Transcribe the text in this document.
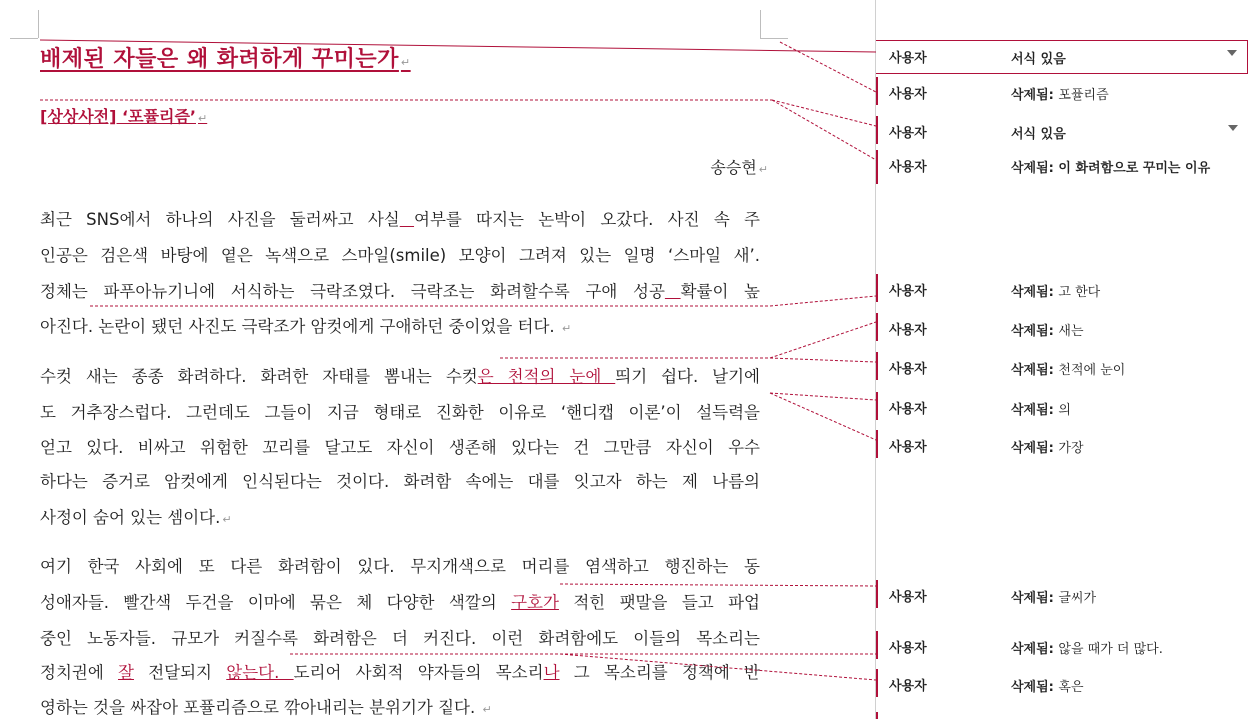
배제된 자들은 왜 화려하게 꾸미는가 ↵
[상상사전] ‘포퓰리즘’ ↵
송승현 ↵
최근 SNS에서 하나의 사진을 둘러싸고 사실 여부를 따지는 논박이 오갔다. 사진 속 주
인공은 검은색 바탕에 옅은 녹색으로 스마일(smile) 모양이 그려져 있는 일명 ‘스마일 새’.
정체는 파푸아뉴기니에 서식하는 극락조였다. 극락조는 화려할수록 구애 성공 확률이 높
아진다. 논란이 됐던 사진도 극락조가 암컷에게 구애하던 중이었을 터다. ↵
수컷 새는 종종 화려하다. 화려한 자태를 뽐내는 수컷은 천적의 눈에 띄기 쉽다. 날기에
도 거추장스럽다. 그런데도 그들이 지금 형태로 진화한 이유로 ‘핸디캡 이론’이 설득력을
얻고 있다. 비싸고 위험한 꼬리를 달고도 자신이 생존해 있다는 건 그만큼 자신이 우수
하다는 증거로 암컷에게 인식된다는 것이다. 화려함 속에는 대를 잇고자 하는 제 나름의
사정이 숨어 있는 셈이다. ↵
여기 한국 사회에 또 다른 화려함이 있다. 무지개색으로 머리를 염색하고 행진하는 동
성애자들. 빨간색 두건을 이마에 묶은 체 다양한 색깔의 구호가 적힌 팻말을 들고 파업
중인 노동자들. 규모가 커질수록 화려함은 더 커진다. 이런 화려함에도 이들의 목소리는
정치권에 잘 전달되지 않는다. 도리어 사회적 약자들의 목소리나 그 목소리를 정책에 반
영하는 것을 싸잡아 포퓰리즘으로 깎아내리는 분위기가 짙다. ↵
사용자	서식 있음
사용자	삭제됨: 포퓰리즘
사용자	서식 있음
사용자	삭제됨: 이 화려함으로 꾸미는 이유
사용자	삭제됨: 고 한다
사용자	삭제됨: 새는
사용자	삭제됨: 천적에 눈이
사용자	삭제됨: 의
사용자	삭제됨: 가장
사용자	삭제됨: 글씨가
사용자	삭제됨: 않을 때가 더 많다.
사용자	삭제됨: 혹은
